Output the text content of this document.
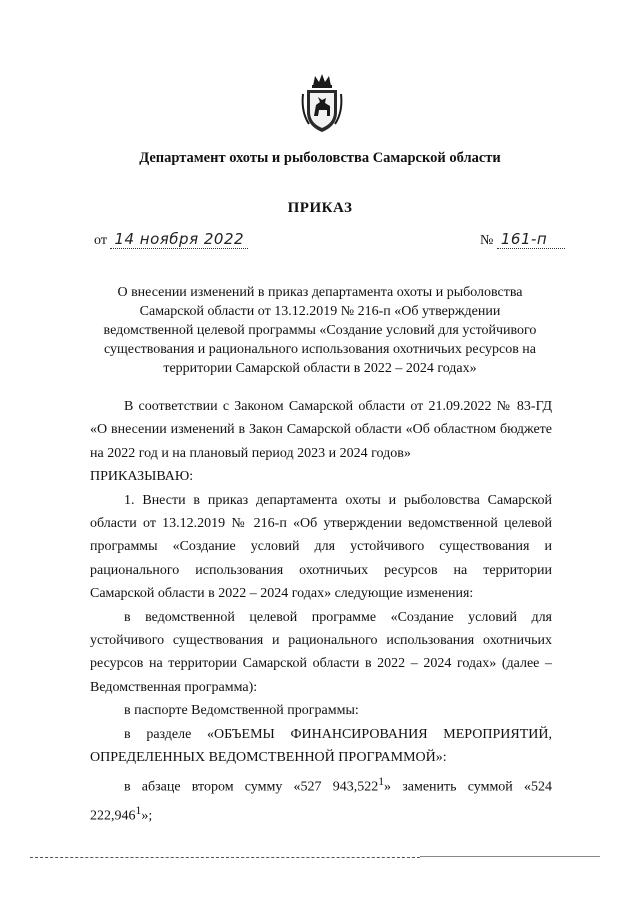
Департамент охоты и рыболовства Самарской области
ПРИКАЗ
от 14 ноября 2022	№ 161-п
О внесении изменений в приказ департамента охоты и рыболовства Самарской области от 13.12.2019 № 216-п «Об утверждении ведомственной целевой программы «Создание условий для устойчивого существования и рационального использования охотничьих ресурсов на территории Самарской области в 2022 – 2024 годах»

В соответствии с Законом Самарской области от 21.09.2022 № 83-ГД «О внесении изменений в Закон Самарской области «Об областном бюджете на 2022 год и на плановый период 2023 и 2024 годов»

ПРИКАЗЫВАЮ:

1. Внести в приказ департамента охоты и рыболовства Самарской области от 13.12.2019 № 216-п «Об утверждении ведомственной целевой программы «Создание условий для устойчивого существования и рационального использования охотничьих ресурсов на территории Самарской области в 2022 – 2024 годах» следующие изменения:

в ведомственной целевой программе «Создание условий для устойчивого существования и рационального использования охотничьих ресурсов на территории Самарской области в 2022 – 2024 годах» (далее – Ведомственная программа):

в паспорте Ведомственной программы:

в разделе «ОБЪЕМЫ ФИНАНСИРОВАНИЯ МЕРОПРИЯТИЙ, ОПРЕДЕЛЕННЫХ ВЕДОМСТВЕННОЙ ПРОГРАММОЙ»:

в абзаце втором сумму «527 943,522$^1$» заменить суммой «524 222,946$^1$»;
